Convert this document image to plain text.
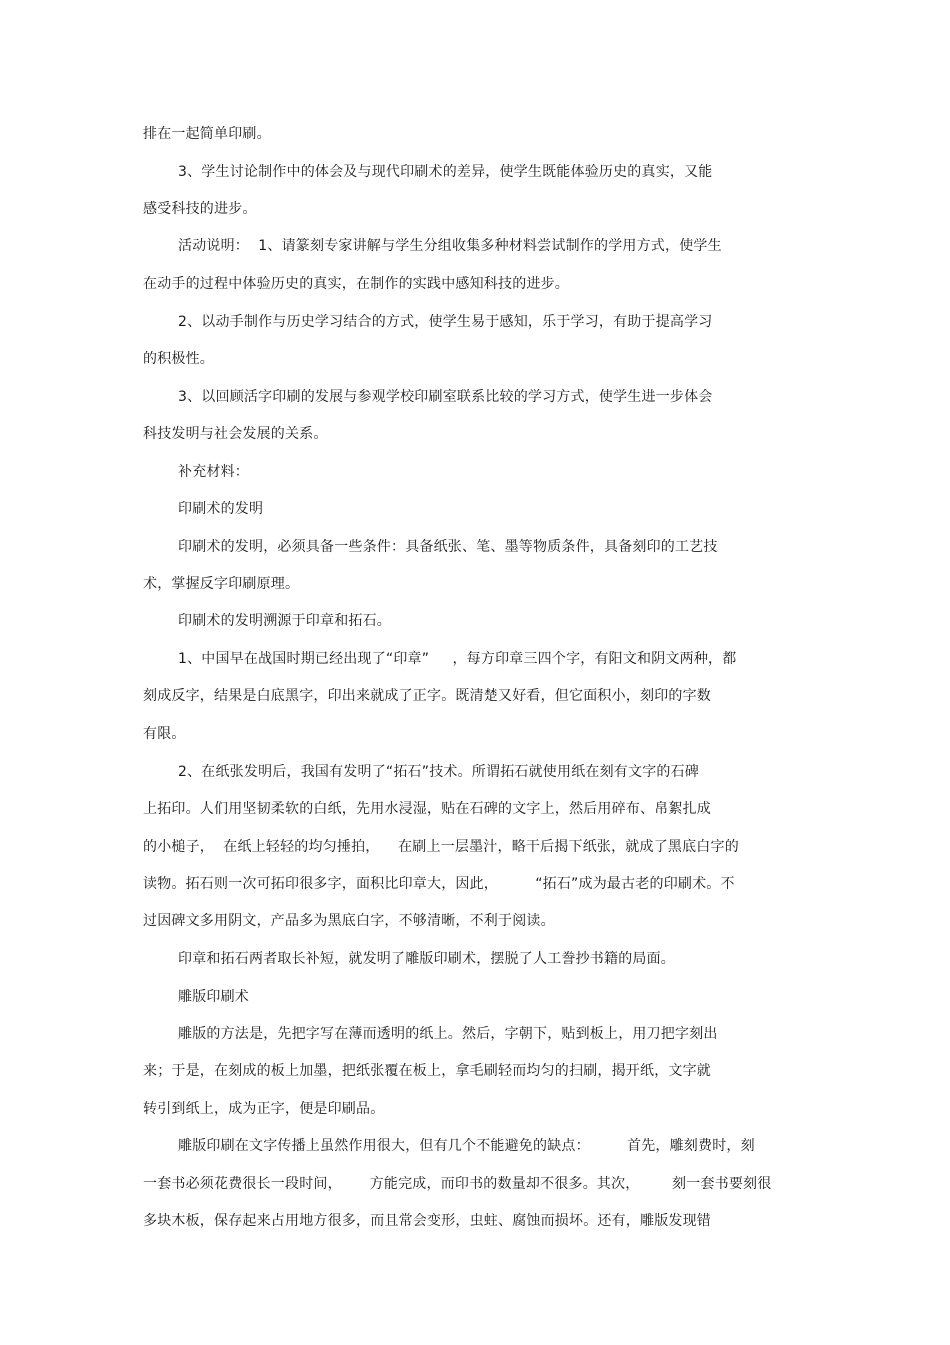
排在一起简单印刷。
3、学生讨论制作中的体会及与现代印刷术的差异，使学生既能体验历史的真实，又能
感受科技的进步。
活动说明：  1、请篆刻专家讲解与学生分组收集多种材料尝试制作的学用方式，使学生
在动手的过程中体验历史的真实，在制作的实践中感知科技的进步。
2、以动手制作与历史学习结合的方式，使学生易于感知，乐于学习，有助于提高学习
的积极性。
3、以回顾活字印刷的发展与参观学校印刷室联系比较的学习方式，使学生进一步体会
科技发明与社会发展的关系。
补充材料：
印刷术的发明
印刷术的发明，必须具备一些条件：具备纸张、笔、墨等物质条件，具备刻印的工艺技
术，掌握反字印刷原理。
印刷术的发明溯源于印章和拓石。
1、中国早在战国时期已经出现了“印章”     ，每方印章三四个字，有阳文和阴文两种，都
刻成反字，结果是白底黑字，印出来就成了正字。既清楚又好看，但它面积小，刻印的字数
有限。
2、在纸张发明后，我国有发明了“拓石”技术。所谓拓石就使用纸在刻有文字的石碑
上拓印。人们用坚韧柔软的白纸，先用水浸湿，贴在石碑的文字上，然后用碎布、帛絮扎成
的小槌子，  在纸上轻轻的均匀捶拍，    在刷上一层墨汁，略干后揭下纸张，就成了黑底白字的
读物。拓石则一次可拓印很多字，面积比印章大，因此，        “拓石”成为最古老的印刷术。不
过因碑文多用阴文，产品多为黑底白字，不够清晰，不利于阅读。
印章和拓石两者取长补短，就发明了雕版印刷术，摆脱了人工誊抄书籍的局面。
雕版印刷术
雕版的方法是，先把字写在薄而透明的纸上。然后，字朝下，贴到板上，用刀把字刻出
来；于是，在刻成的板上加墨，把纸张覆在板上，拿毛刷轻而均匀的扫刷，揭开纸，文字就
转引到纸上，成为正字，便是印刷品。
雕版印刷在文字传播上虽然作用很大，但有几个不能避免的缺点：        首先，雕刻费时，刻
一套书必须花费很长一段时间，      方能完成，而印书的数量却不很多。其次，       刻一套书要刻很
多块木板，保存起来占用地方很多，而且常会变形，虫蛀、腐蚀而损坏。还有，雕版发现错
